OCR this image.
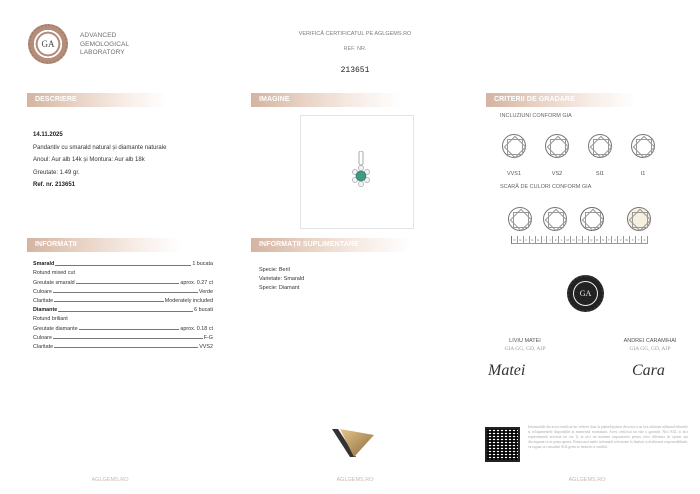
GA
ADVANCED
GEMOLOGICAL
LABORATORY
VERIFICĂ CERTIFICATUL PE AGLGEMS.RO
REF. NR.
213651
DESCRIERE	IMAGINE	CRITERII DE GRADARE
INFORMAȚII	INFORMAȚII SUPLIMENTARE
14.11.2025
Pandantiv cu smarald natural și diamante naturale
Anoul: Aur alb 14k și Montura: Aur alb 18k
Greutate: 1.49 gr.
Ref. nr. 213651
Smarald	1 bucata
Rotund mixed cut
Greutate smarald	aprox. 0.27 ct
Culoare	Verde
Claritate	Moderately included
Diamante	6 bucati
Rotund briliant
Greutate diamante	aprox. 0.18 ct
Culoare	F-G
Claritate	VVS2
Specie: Beril
Varietate: Smarald
Specie: Diamant
INCLUZIUNI CONFORM GIA
VVS1	VS2	SI1	I1
SCARĂ DE CULORI CONFORM GIA
D	E	F	G	H	I	J	K	L	M	N	O	P	Q	R	S	T	U	V	W	X	Y	Z
GA
LIVIU MATEI
GIA GG, GD, AJP
Matei
ANDREI CARAMIHAI
GIA GG, GD, AJP
Cara
Informatiile din acest certificat fac referire doar la piatra/bijuteria descrisa si au fost obtinute utilizand tehnicile si echipamentele disponibile in momentul examinarii. Acest certificat nu este o garantie. Nici AGL si nici reprezentantii acestuia nu vor fi, in nici un moment raspunzatori pentru orice diferenta de opinie sau discrepanta ce ar putea aparea. Pentru mai multe informatii referitoare la limitari si declinarea responsabilitatii, va rugam sa consultati AGLgems.ro termeni si conditii.
AGLGEMS.RO	AGLGEMS.RO	AGLGEMS.RO
